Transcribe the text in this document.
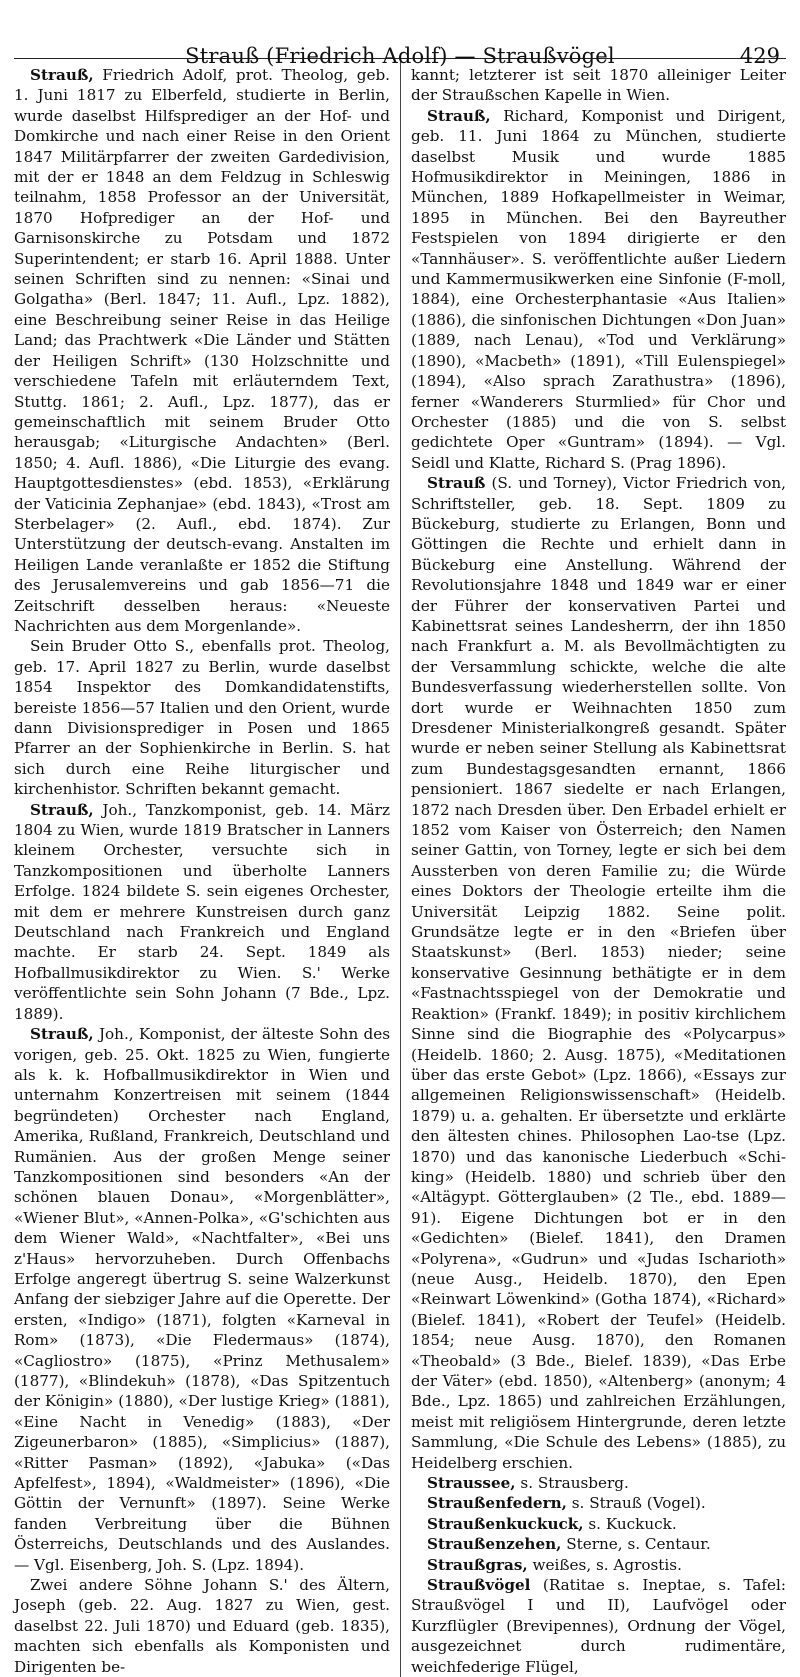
Strauß (Friedrich Adolf) — Straußvögel	429

Strauß, Friedrich Adolf, prot. Theolog, geb. 1. Juni 1817 zu Elberfeld, studierte in Berlin, wurde daselbst Hilfsprediger an der Hof- und Domkirche und nach einer Reise in den Orient 1847 Militärpfarrer der zweiten Gardedivision, mit der er 1848 an dem Feldzug in Schleswig teilnahm, 1858 Professor an der Universität, 1870 Hofprediger an der Hof- und Garnisonskirche zu Potsdam und 1872 Superintendent; er starb 16. April 1888. Unter seinen Schriften sind zu nennen: «Sinai und Golgatha» (Berl. 1847; 11. Aufl., Lpz. 1882), eine Beschreibung seiner Reise in das Heilige Land; das Prachtwerk «Die Länder und Stätten der Heiligen Schrift» (130 Holzschnitte und verschiedene Tafeln mit erläuterndem Text, Stuttg. 1861; 2. Aufl., Lpz. 1877), das er gemeinschaftlich mit seinem Bruder Otto herausgab; «Liturgische Andachten» (Berl. 1850; 4. Aufl. 1886), «Die Liturgie des evang. Hauptgottesdienstes» (ebd. 1853), «Erklärung der Vaticinia Zephanjae» (ebd. 1843), «Trost am Sterbelager» (2. Aufl., ebd. 1874). Zur Unterstützung der deutsch-evang. Anstalten im Heiligen Lande veranlaßte er 1852 die Stiftung des Jerusalemvereins und gab 1856—71 die Zeitschrift desselben heraus: «Neueste Nachrichten aus dem Morgenlande».

Sein Bruder Otto S., ebenfalls prot. Theolog, geb. 17. April 1827 zu Berlin, wurde daselbst 1854 Inspektor des Domkandidatenstifts, bereiste 1856—57 Italien und den Orient, wurde dann Divisionsprediger in Posen und 1865 Pfarrer an der Sophienkirche in Berlin. S. hat sich durch eine Reihe liturgischer und kirchenhistor. Schriften bekannt gemacht.

Strauß, Joh., Tanzkomponist, geb. 14. März 1804 zu Wien, wurde 1819 Bratscher in Lanners kleinem Orchester, versuchte sich in Tanzkompositionen und überholte Lanners Erfolge. 1824 bildete S. sein eigenes Orchester, mit dem er mehrere Kunstreisen durch ganz Deutschland nach Frankreich und England machte. Er starb 24. Sept. 1849 als Hofballmusikdirektor zu Wien. S.' Werke veröffentlichte sein Sohn Johann (7 Bde., Lpz. 1889).

Strauß, Joh., Komponist, der älteste Sohn des vorigen, geb. 25. Okt. 1825 zu Wien, fungierte als k. k. Hofballmusikdirektor in Wien und unternahm Konzertreisen mit seinem (1844 begründeten) Orchester nach England, Amerika, Rußland, Frankreich, Deutschland und Rumänien. Aus der großen Menge seiner Tanzkompositionen sind besonders «An der schönen blauen Donau», «Morgenblätter», «Wiener Blut», «Annen-Polka», «G'schichten aus dem Wiener Wald», «Nachtfalter», «Bei uns z'Haus» hervorzuheben. Durch Offenbachs Erfolge angeregt übertrug S. seine Walzerkunst Anfang der siebziger Jahre auf die Operette. Der ersten, «Indigo» (1871), folgten «Karneval in Rom» (1873), «Die Fledermaus» (1874), «Cagliostro» (1875), «Prinz Methusalem» (1877), «Blindekuh» (1878), «Das Spitzentuch der Königin» (1880), «Der lustige Krieg» (1881), «Eine Nacht in Venedig» (1883), «Der Zigeunerbaron» (1885), «Simplicius» (1887), «Ritter Pasman» (1892), «Jabuka» («Das Apfelfest», 1894), «Waldmeister» (1896), «Die Göttin der Vernunft» (1897). Seine Werke fanden Verbreitung über die Bühnen Österreichs, Deutschlands und des Auslandes. — Vgl. Eisenberg, Joh. S. (Lpz. 1894).

Zwei andere Söhne Johann S.' des Ältern, Joseph (geb. 22. Aug. 1827 zu Wien, gest. daselbst 22. Juli 1870) und Eduard (geb. 1835), machten sich ebenfalls als Komponisten und Dirigenten be-

kannt; letzterer ist seit 1870 alleiniger Leiter der Straußschen Kapelle in Wien.

Strauß, Richard, Komponist und Dirigent, geb. 11. Juni 1864 zu München, studierte daselbst Musik und wurde 1885 Hofmusikdirektor in Meiningen, 1886 in München, 1889 Hofkapellmeister in Weimar, 1895 in München. Bei den Bayreuther Festspielen von 1894 dirigierte er den «Tannhäuser». S. veröffentlichte außer Liedern und Kammermusikwerken eine Sinfonie (F-moll, 1884), eine Orchesterphantasie «Aus Italien» (1886), die sinfonischen Dichtungen «Don Juan» (1889, nach Lenau), «Tod und Verklärung» (1890), «Macbeth» (1891), «Till Eulenspiegel» (1894), «Also sprach Zarathustra» (1896), ferner «Wanderers Sturmlied» für Chor und Orchester (1885) und die von S. selbst gedichtete Oper «Guntram» (1894). — Vgl. Seidl und Klatte, Richard S. (Prag 1896).

Strauß (S. und Torney), Victor Friedrich von, Schriftsteller, geb. 18. Sept. 1809 zu Bückeburg, studierte zu Erlangen, Bonn und Göttingen die Rechte und erhielt dann in Bückeburg eine Anstellung. Während der Revolutionsjahre 1848 und 1849 war er einer der Führer der konservativen Partei und Kabinettsrat seines Landesherrn, der ihn 1850 nach Frankfurt a. M. als Bevollmächtigten zu der Versammlung schickte, welche die alte Bundesverfassung wiederherstellen sollte. Von dort wurde er Weihnachten 1850 zum Dresdener Ministerialkongreß gesandt. Später wurde er neben seiner Stellung als Kabinettsrat zum Bundestagsgesandten ernannt, 1866 pensioniert. 1867 siedelte er nach Erlangen, 1872 nach Dresden über. Den Erbadel erhielt er 1852 vom Kaiser von Österreich; den Namen seiner Gattin, von Torney, legte er sich bei dem Aussterben von deren Familie zu; die Würde eines Doktors der Theologie erteilte ihm die Universität Leipzig 1882. Seine polit. Grundsätze legte er in den «Briefen über Staatskunst» (Berl. 1853) nieder; seine konservative Gesinnung bethätigte er in dem «Fastnachtsspiegel von der Demokratie und Reaktion» (Frankf. 1849); in positiv kirchlichem Sinne sind die Biographie des «Polycarpus» (Heidelb. 1860; 2. Ausg. 1875), «Meditationen über das erste Gebot» (Lpz. 1866), «Essays zur allgemeinen Religionswissenschaft» (Heidelb. 1879) u. a. gehalten. Er übersetzte und erklärte den ältesten chines. Philosophen Lao-tse (Lpz. 1870) und das kanonische Liederbuch «Schi-king» (Heidelb. 1880) und schrieb über den «Altägypt. Götterglauben» (2 Tle., ebd. 1889—91). Eigene Dichtungen bot er in den «Gedichten» (Bielef. 1841), den Dramen «Polyrena», «Gudrun» und «Judas Ischarioth» (neue Ausg., Heidelb. 1870), den Epen «Reinwart Löwenkind» (Gotha 1874), «Richard» (Bielef. 1841), «Robert der Teufel» (Heidelb. 1854; neue Ausg. 1870), den Romanen «Theobald» (3 Bde., Bielef. 1839), «Das Erbe der Väter» (ebd. 1850), «Altenberg» (anonym; 4 Bde., Lpz. 1865) und zahlreichen Erzählungen, meist mit religiösem Hintergrunde, deren letzte Sammlung, «Die Schule des Lebens» (1885), zu Heidelberg erschien.

Straussee, s. Strausberg.

Straußenfedern, s. Strauß (Vogel).

Straußenkuckuck, s. Kuckuck.

Straußenzehen, Sterne, s. Centaur.

Straußgras, weißes, s. Agrostis.

Straußvögel (Ratitae s. Ineptae, s. Tafel: Straußvögel I und II), Laufvögel oder Kurzflügler (Brevipennes), Ordnung der Vögel, ausgezeichnet durch rudimentäre, weichfederige Flügel,
